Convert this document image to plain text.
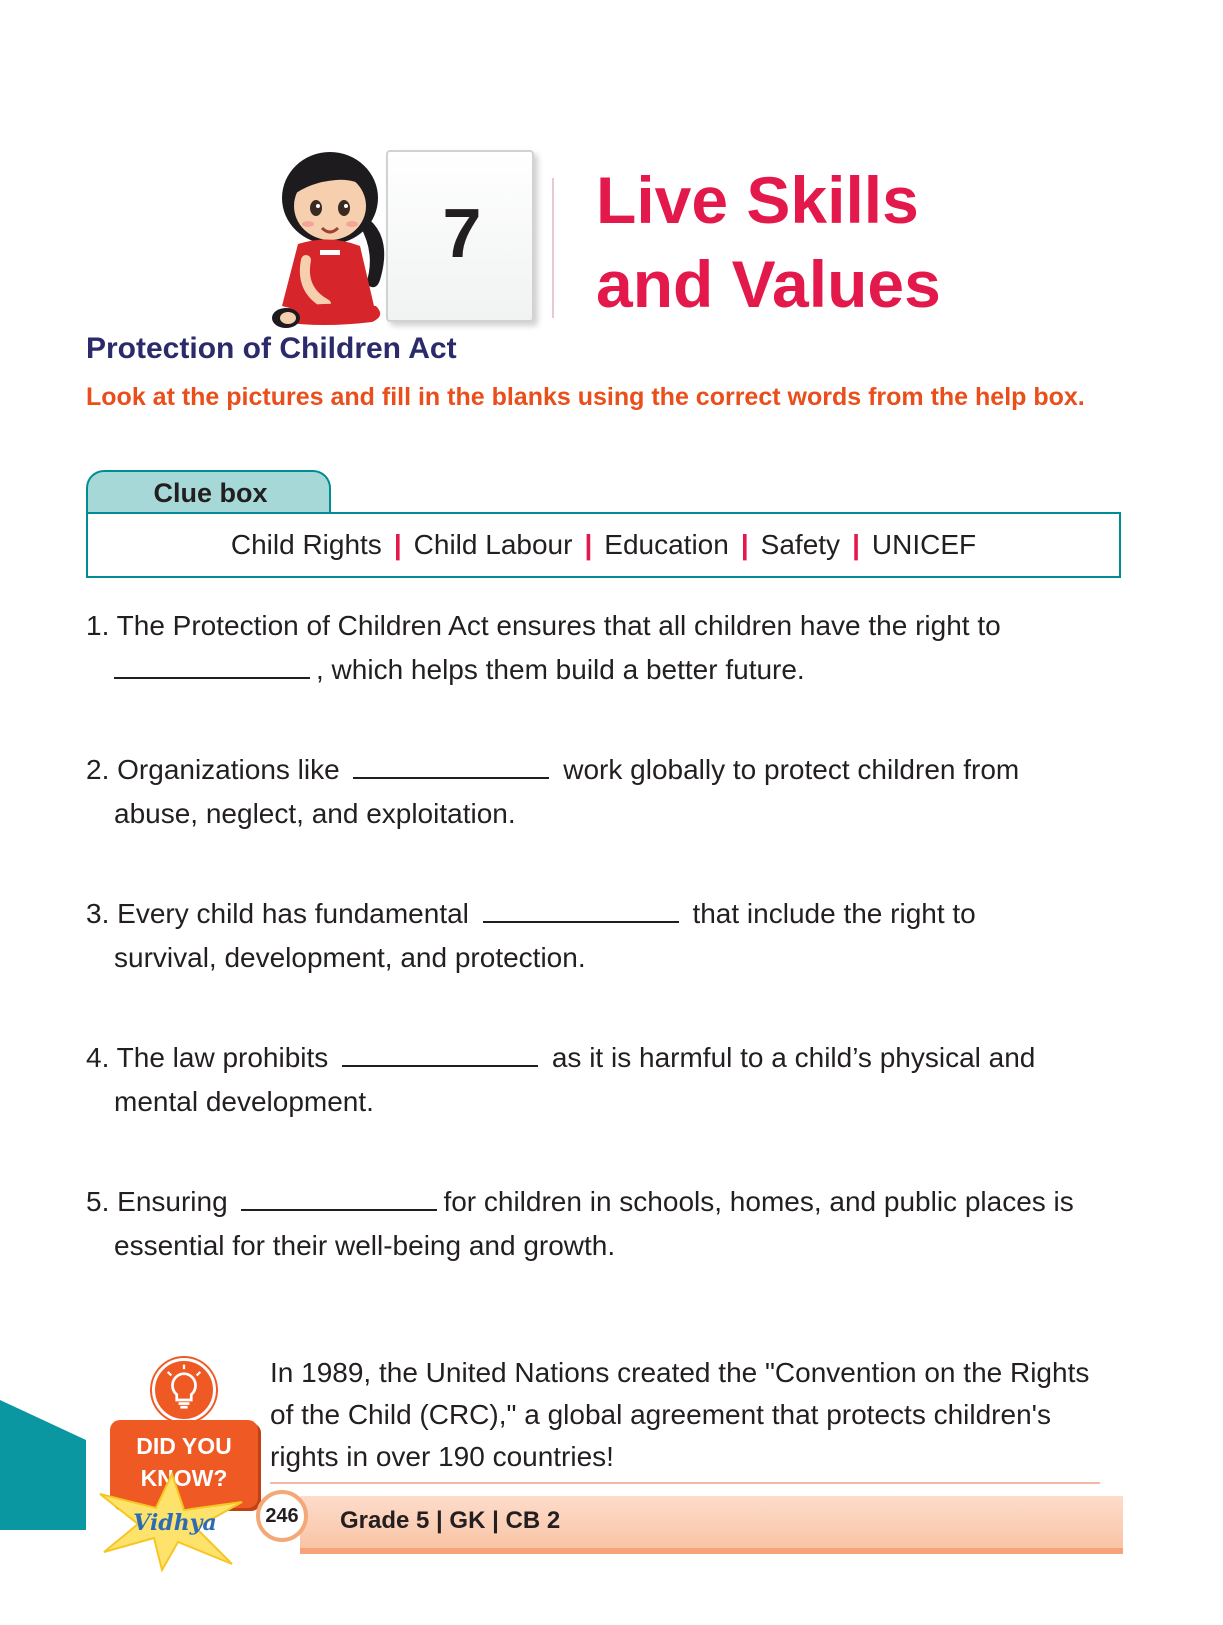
7	Live Skills
and Values
Protection of Children Act
Look at the pictures and fill in the blanks using the correct words from the help box.
Clue box
Child Rights | Child Labour | Education | Safety | UNICEF
1. The Protection of Children Act ensures that all children have the right to
, which helps them build a better future.
2. Organizations like	work globally to protect children from
abuse, neglect, and exploitation.
3. Every child has fundamental	that include the right to
survival, development, and protection.
4. The law prohibits	as it is harmful to a child’s physical and
mental development.
5. Ensuring	for children in schools, homes, and public places is
essential for their well-being and growth.
DID YOU
KNOW?
In 1989, the United Nations created the "Convention on the Rights of the Child (CRC)," a global agreement that protects children's rights in over 190 countries!
Grade 5 | GK | CB 2
Vidhya 246
